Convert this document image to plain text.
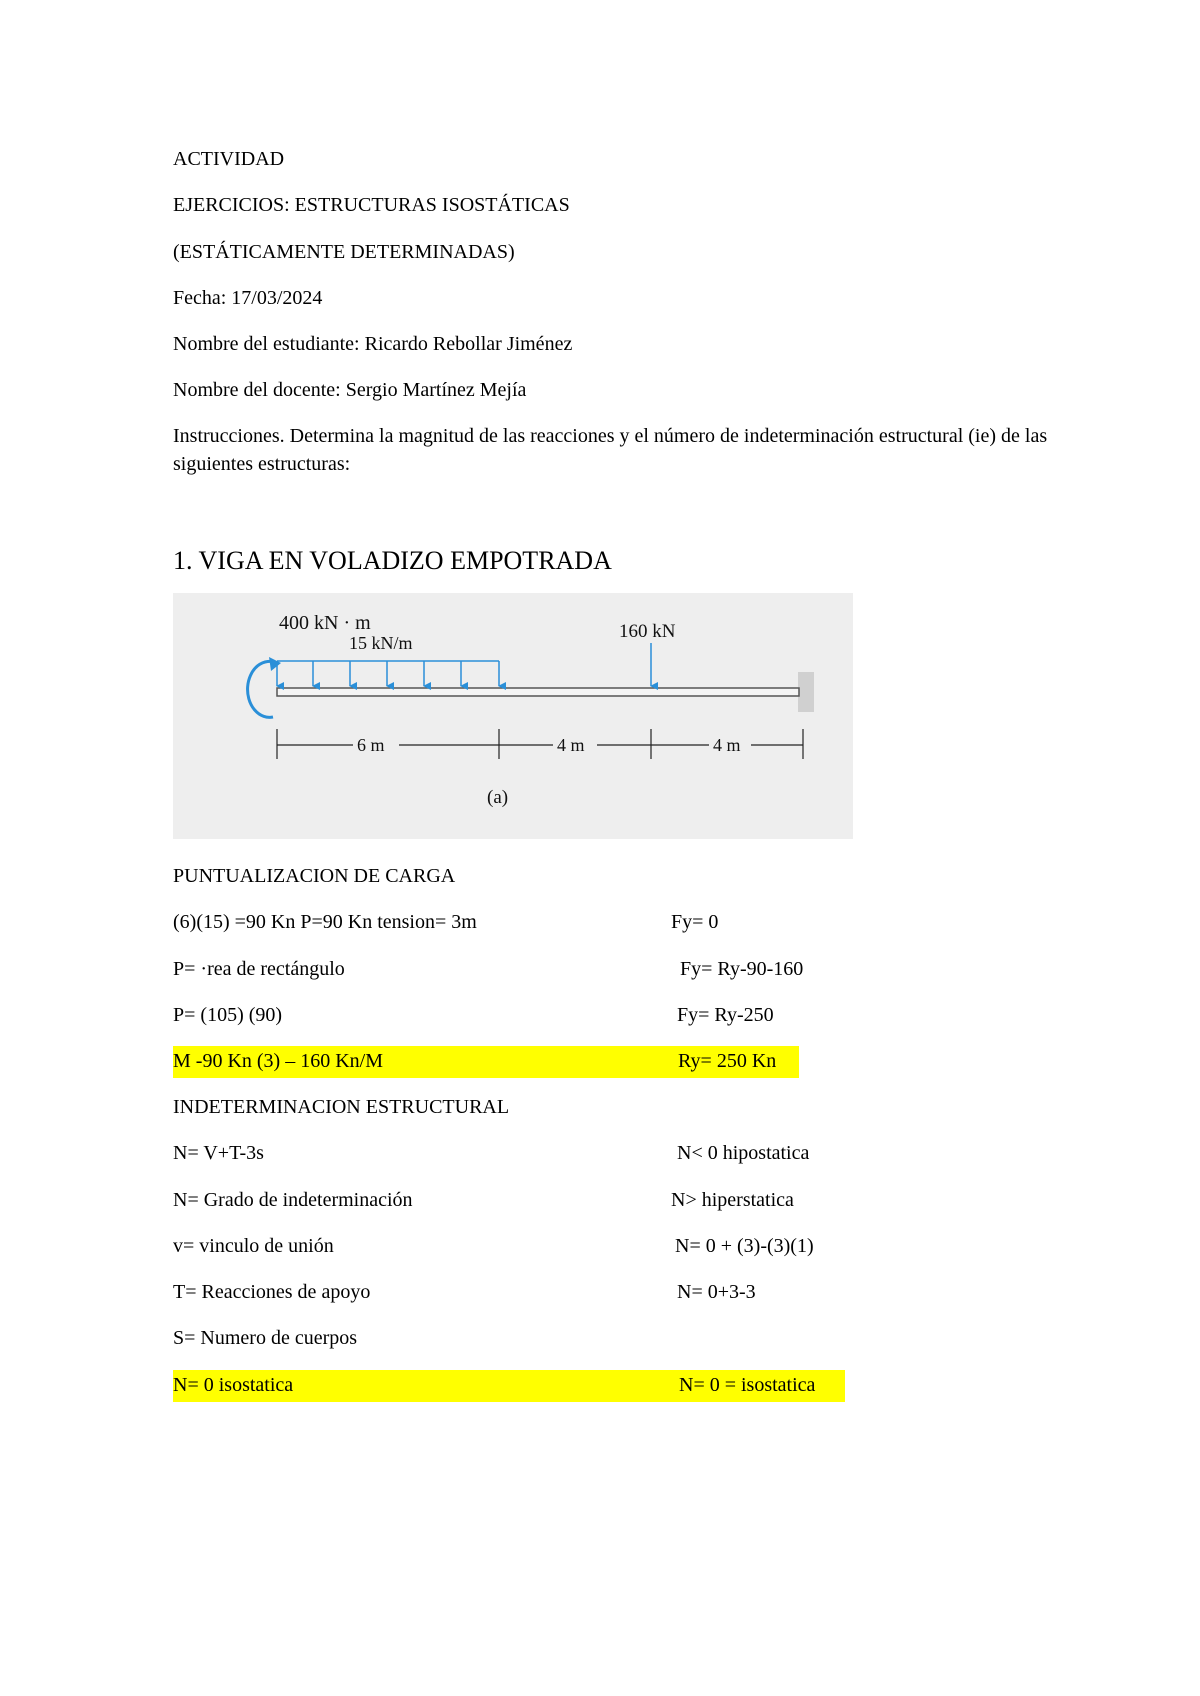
ACTIVIDAD
EJERCICIOS: ESTRUCTURAS ISOSTÁTICAS
(ESTÁTICAMENTE DETERMINADAS)
Fecha: 17/03/2024
Nombre del estudiante: Ricardo Rebollar Jiménez
Nombre del docente: Sergio Martínez Mejía
Instrucciones. Determina la magnitud de las reacciones y el número de indeterminación estructural (ie) de las siguientes estructuras:
1. VIGA EN VOLADIZO EMPOTRADA
400 kN · m
15 kN/m
160 kN
6 m	4 m	4 m
(a)
PUNTUALIZACION DE CARGA
(6)(15) =90 Kn P=90 Kn tension= 3m	Fy= 0
P= ·rea de rectángulo	Fy= Ry-90-160
P= (105) (90)	Fy= Ry-250
M -90 Kn (3) – 160 Kn/M	Ry= 250 Kn
INDETERMINACION ESTRUCTURAL
N= V+T-3s	N< 0 hipostatica
N= Grado de indeterminación	N> hiperstatica
v= vinculo de unión	N= 0 + (3)-(3)(1)
T= Reacciones de apoyo	N= 0+3-3
S= Numero de cuerpos
N= 0 isostatica	N= 0 = isostatica
